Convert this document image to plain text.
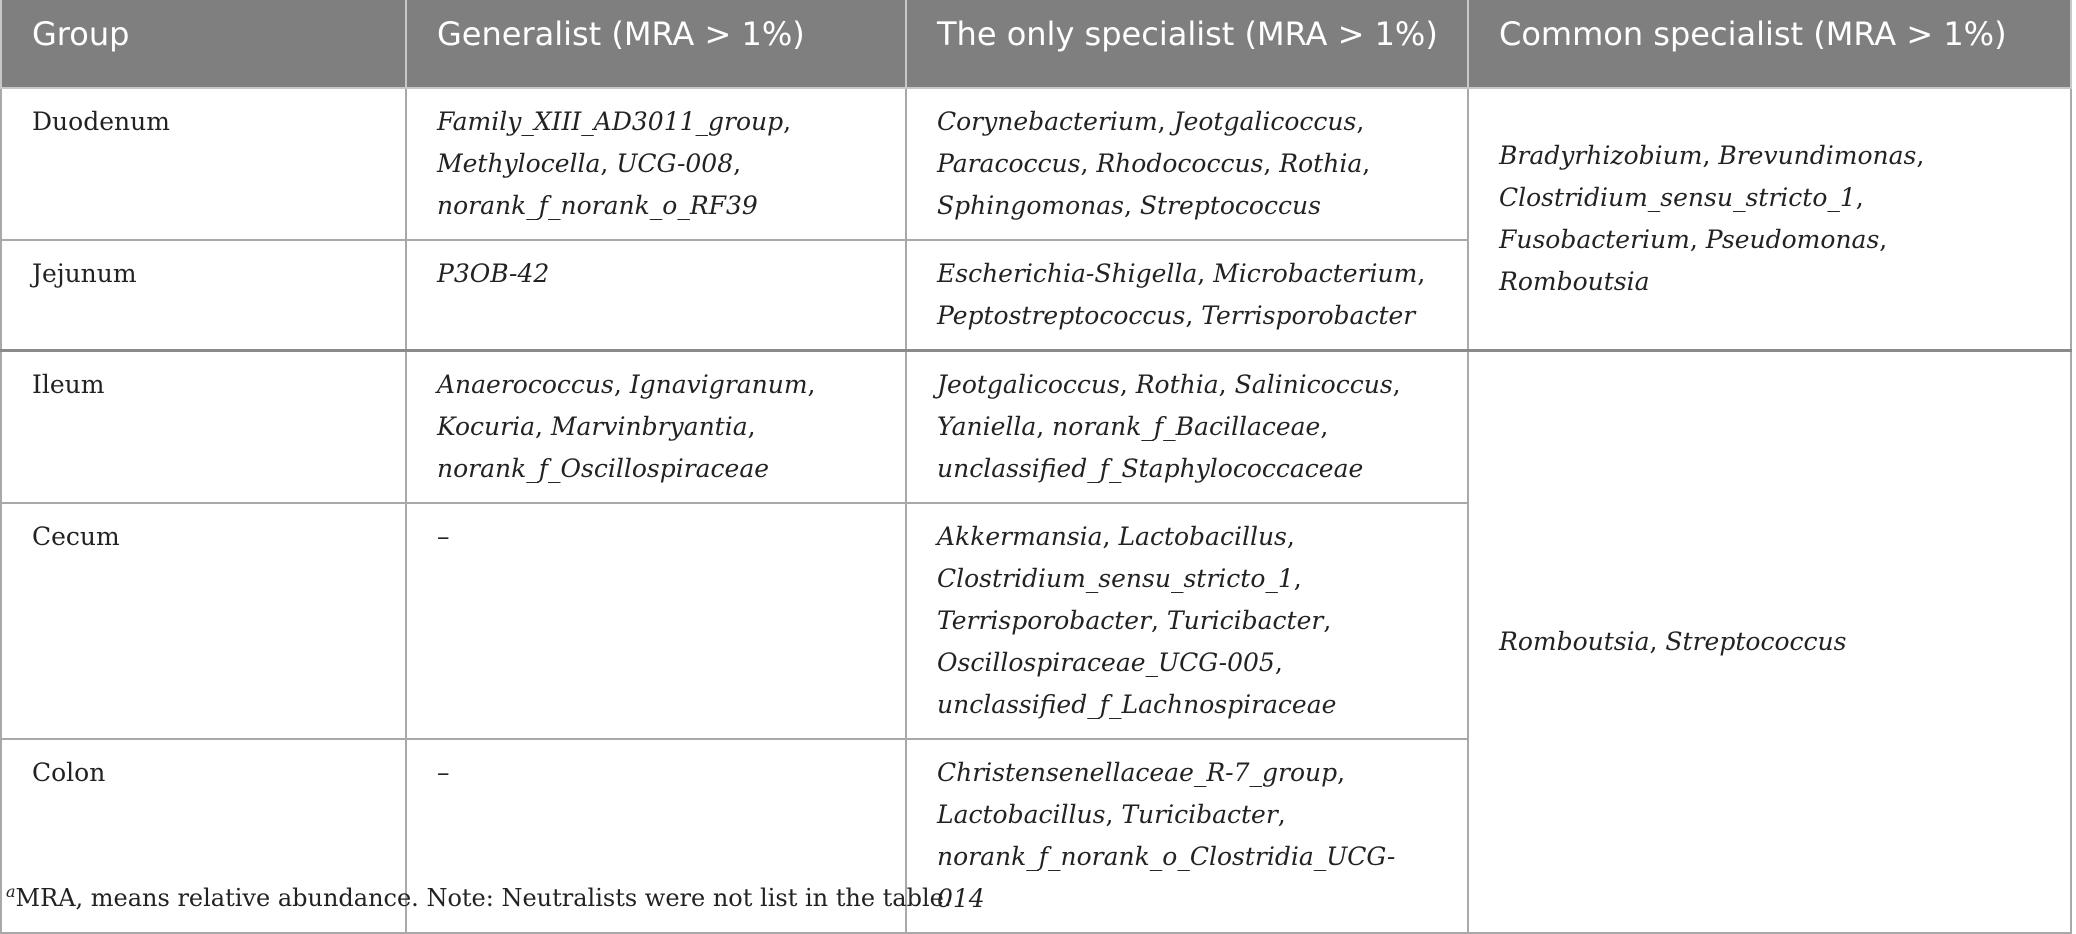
Group	Generalist (MRA > 1%)	The only specialist (MRA > 1%)	Common specialist (MRA > 1%)
Duodenum	Family_XIII_AD3011_group, Methylocella, UCG-008, norank_f_norank_o_RF39	Corynebacterium, Jeotgalicoccus, Paracoccus, Rhodococcus, Rothia, Sphingomonas, Streptococcus	Bradyrhizobium, Brevundimonas, Clostridium_sensu_stricto_1,
Fusobacterium, Pseudomonas, Romboutsia
Jejunum	P3OB-42	Escherichia-Shigella, Microbacterium, Peptostreptococcus, Terrisporobacter	
Ileum	Anaerococcus, Ignavigranum, Kocuria, Marvinbryantia, norank_f_Oscillospiraceae	Jeotgalicoccus, Rothia, Salinicoccus, Yaniella, norank_f_Bacillaceae, unclassified_f_Staphylococcaceae	Romboutsia, Streptococcus
Cecum	–	Akkermansia, Lactobacillus, Clostridium_sensu_stricto_1, Terrisporobacter, Turicibacter, Oscillospiraceae_UCG-005, unclassified_f_Lachnospiraceae	
Colon	–	Christensenellaceae_R-7_group, Lactobacillus, Turicibacter, norank_f_norank_o_Clostridia_UCG-014	
$^a$MRA, means relative abundance. Note: Neutralists were not list in the table.
